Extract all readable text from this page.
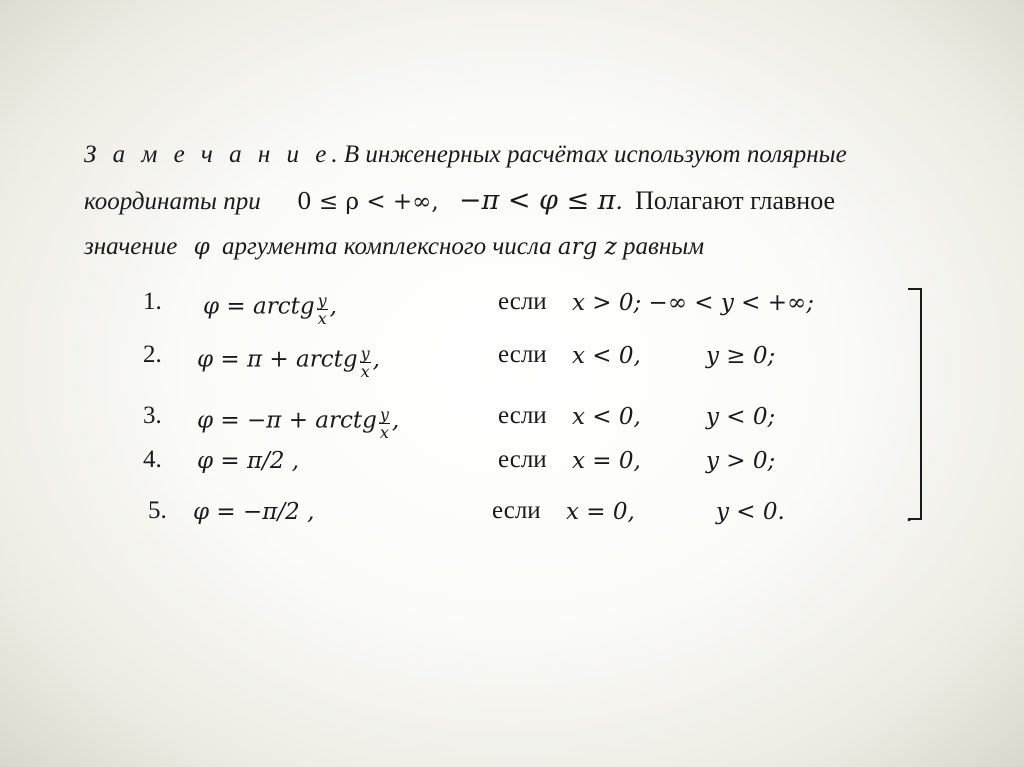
З а м е ч а н и е. В инженерных расчётах используют полярные
координаты при 0 ≤ ρ < +∞, −π < φ ≤ π. Полагают главное
значение φ аргумента комплексного числа arg z равным
1. φ = arctg $\frac{y}{x}$ ,	если x > 0; −∞ < y < +∞;
2. φ = π + arctg $\frac{y}{x}$ ,	если x < 0,	y ≥ 0;
3. φ = −π + arctg $\frac{y}{x}$ ,	если x < 0,	y < 0;
4. φ = π/2 ,	если x = 0,	y > 0;
5. φ = −π/2 ,	если x = 0,	y < 0.	.
